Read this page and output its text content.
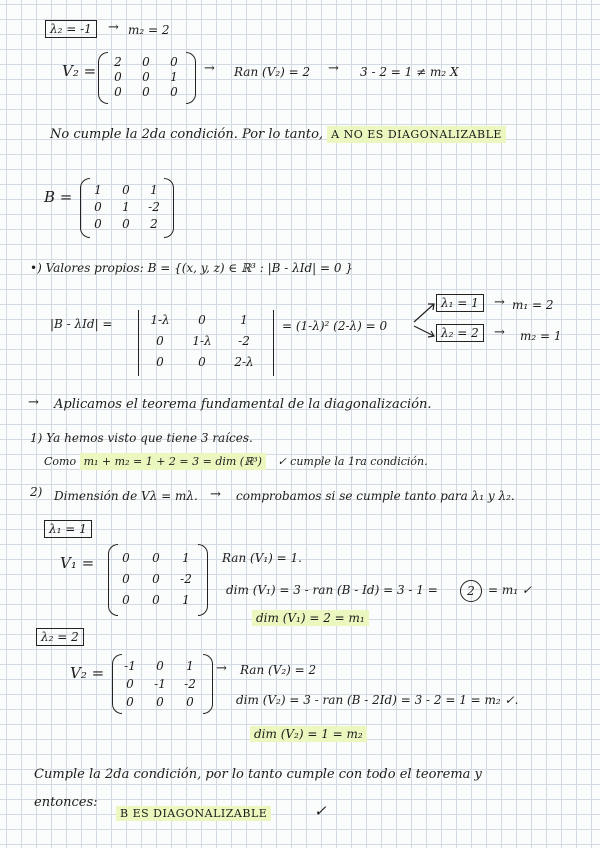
λ₂ = -1	→ m₂ = 2
V₂ =	2	0	0
0	0	1
0	0	0
→ Ran (V₂) = 2 → 3 - 2 = 1 ≠ m₂ X
No cumple la 2da condición. Por lo tanto, A NO ES DIAGONALIZABLE
B =	1	0	1
0	1	-2
0	0	2
•) Valores propios: B = {(x, y, z) ∈ ℝ³ : |B - λId| = 0 }
|B - λId| =	1-λ	0	1
0	1-λ	-2
0	0	2-λ
= (1-λ)² (2-λ) = 0
λ₁ = 1	→ m₁ = 2
λ₂ = 2	→ m₂ = 1
→ Aplicamos el teorema fundamental de la diagonalización.
1) Ya hemos visto que tiene 3 raíces.
Como m₁ + m₂ = 1 + 2 = 3 = dim (ℝ³) ✓ cumple la 1ra condición.
2) Dimensión de Vλ = mλ. → comprobamos si se cumple tanto para λ₁ y λ₂.
λ₁ = 1
V₁ =	0	0	1
0	0	-2
0	0	1
Ran (V₁) = 1.
dim (V₁) = 3 - ran (B - Id) = 3 - 1 =	2	= m₁ ✓
dim (V₁) = 2 = m₁
λ₂ = 2
V₂ =	-1	0	1
0	-1	-2
0	0	0
→ Ran (V₂) = 2
dim (V₂) = 3 - ran (B - 2Id) = 3 - 2 = 1 = m₂ ✓.
dim (V₂) = 1 = m₂
Cumple la 2da condición, por lo tanto cumple con todo el teorema y
entonces:
B ES DIAGONALIZABLE	✓
